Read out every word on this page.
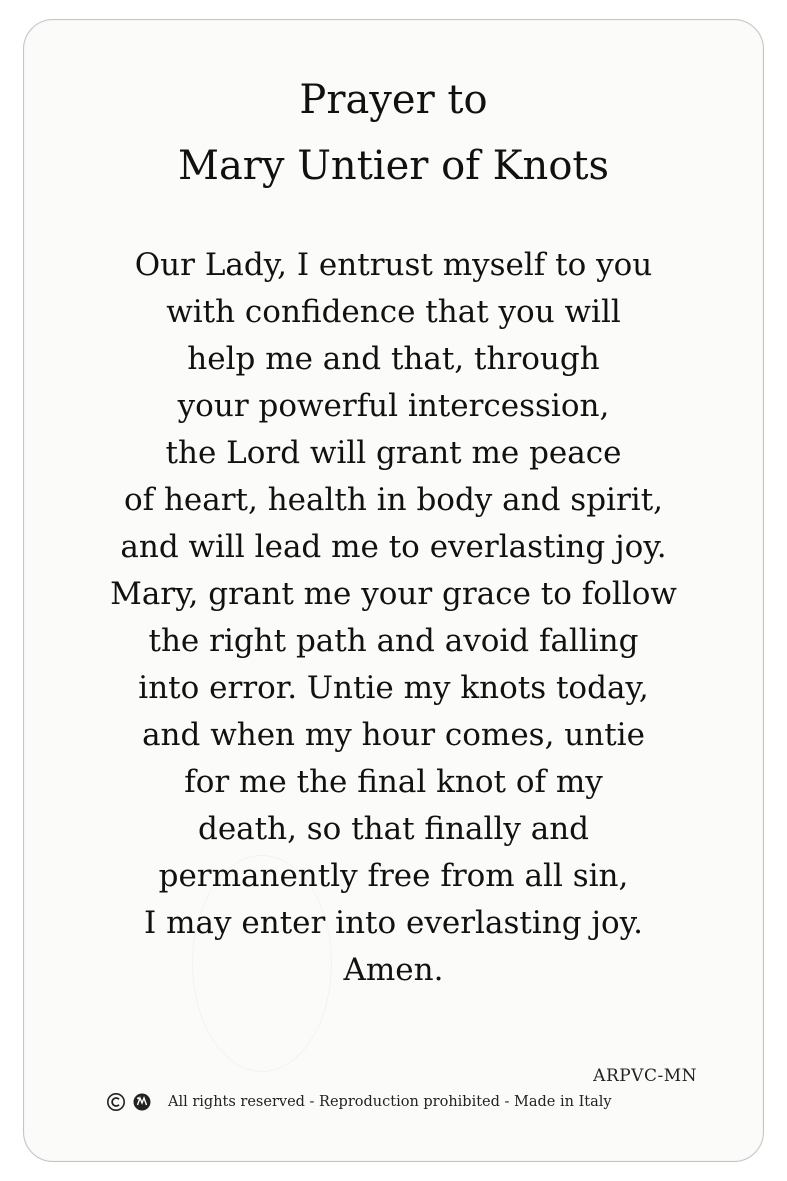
Prayer to
Mary Untier of Knots
Our Lady, I entrust myself to you
with confidence that you will
help me and that, through
your powerful intercession,
the Lord will grant me peace
of heart, health in body and spirit,
and will lead me to everlasting joy.
Mary, grant me your grace to follow
the right path and avoid falling
into error. Untie my knots today,
and when my hour comes, untie
for me the final knot of my
death, so that finally and
permanently free from all sin,
I may enter into everlasting joy.
Amen.
ARPVC-MN
All rights reserved - Reproduction prohibited - Made in Italy
